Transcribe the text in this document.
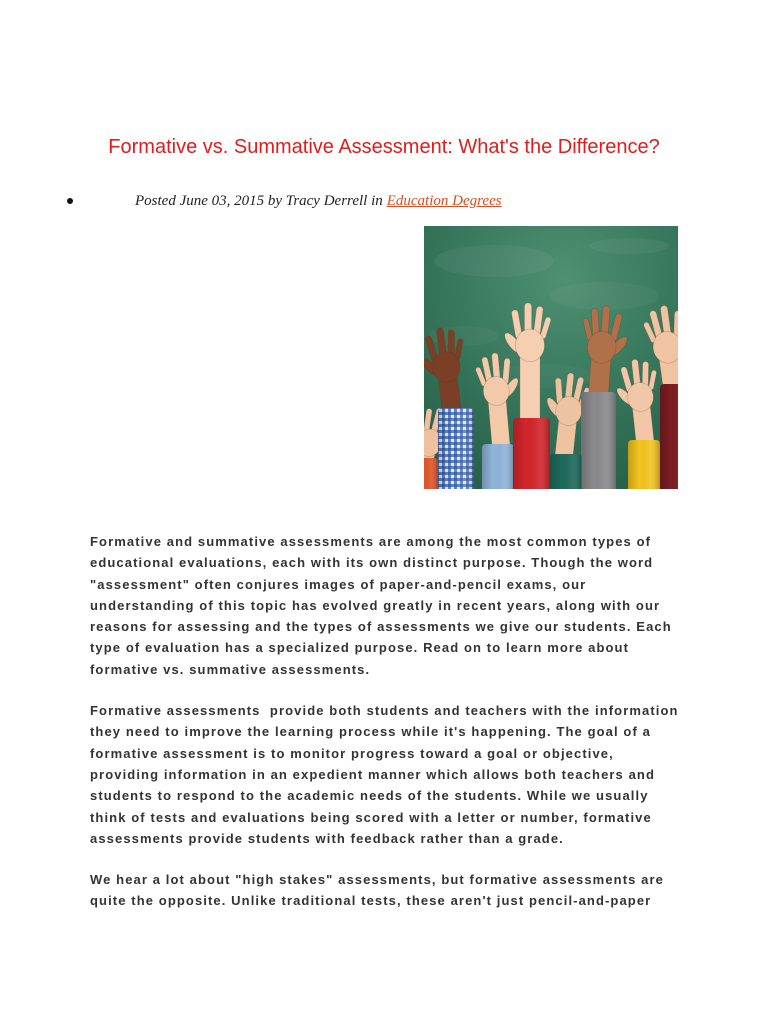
Formative vs. Summative Assessment: What's the Difference?
Posted June 03, 2015 by Tracy Derrell in Education Degrees
Formative and summative assessments are among the most common types of
educational evaluations, each with its own distinct purpose. Though the word
"assessment" often conjures images of paper-and-pencil exams, our
understanding of this topic has evolved greatly in recent years, along with our
reasons for assessing and the types of assessments we give our students. Each
type of evaluation has a specialized purpose. Read on to learn more about
formative vs. summative assessments.
Formative assessments  provide both students and teachers with the information
they need to improve the learning process while it's happening. The goal of a
formative assessment is to monitor progress toward a goal or objective,
providing information in an expedient manner which allows both teachers and
students to respond to the academic needs of the students. While we usually
think of tests and evaluations being scored with a letter or number, formative
assessments provide students with feedback rather than a grade.
We hear a lot about "high stakes" assessments, but formative assessments are
quite the opposite. Unlike traditional tests, these aren't just pencil-and-paper
